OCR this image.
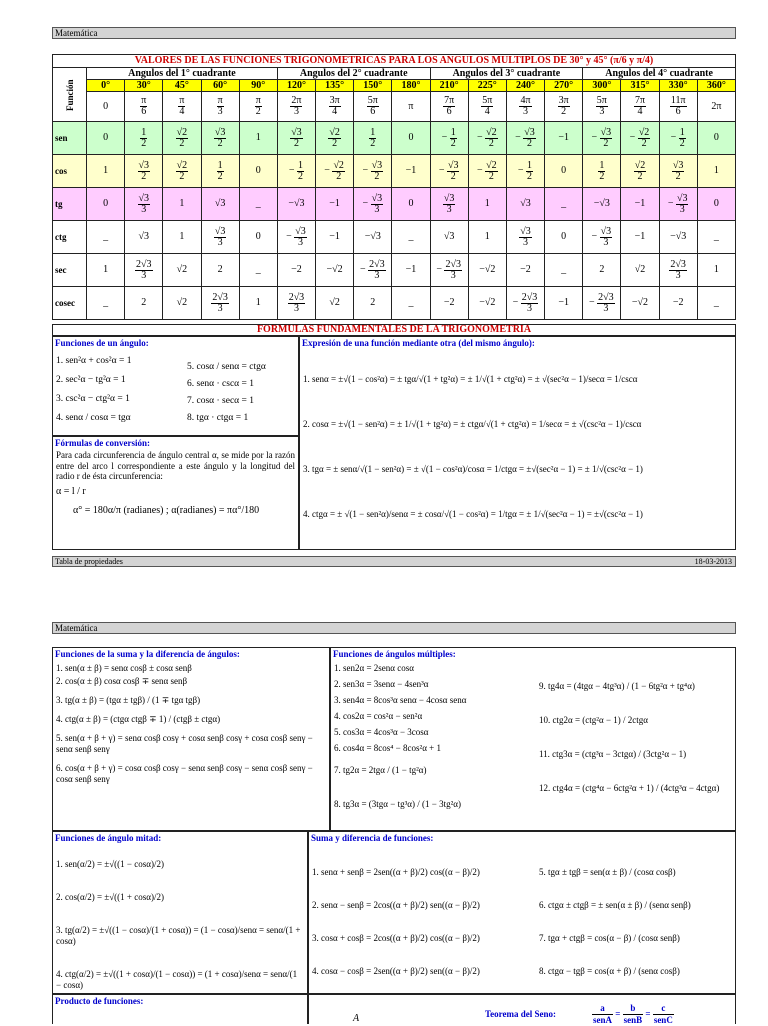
Matemática
VALORES DE LAS FUNCIONES TRIGONOMETRICAS PARA LOS ANGULOS MULTIPLOS DE 30° y 45° (π/6 y π/4)																	
Función	Angulos del 1° cuadrante					Angulos del 2° cuadrante				Angulos del 3° cuadrante				Angulos del 4° cuadrante			
	0°	30°	45°	60°	90°	120°	135°	150°	180°	210°	225°	240°	270°	300°	315°	330°	360°
	0	$\frac{\pi}{6}$	$\frac{\pi}{4}$	$\frac{\pi}{3}$	$\frac{\pi}{2}$	$\frac{2\pi}{3}$	$\frac{3\pi}{4}$	$\frac{5\pi}{6}$	π	$\frac{7\pi}{6}$	$\frac{5\pi}{4}$	$\frac{4\pi}{3}$	$\frac{3\pi}{2}$	$\frac{5\pi}{3}$	$\frac{7\pi}{4}$	$\frac{11\pi}{6}$	2π
sen	0	$\frac{1}{2}$	$\frac{√2}{2}$	$\frac{√3}{2}$	1	$\frac{√3}{2}$	$\frac{√2}{2}$	$\frac{1}{2}$	0	− $\frac{1}{2}$	− $\frac{√2}{2}$	− $\frac{√3}{2}$	−1	− $\frac{√3}{2}$	− $\frac{√2}{2}$	− $\frac{1}{2}$	0
cos	1	$\frac{√3}{2}$	$\frac{√2}{2}$	$\frac{1}{2}$	0	− $\frac{1}{2}$	− $\frac{√2}{2}$	− $\frac{√3}{2}$	−1	− $\frac{√3}{2}$	− $\frac{√2}{2}$	− $\frac{1}{2}$	0	$\frac{1}{2}$	$\frac{√2}{2}$	$\frac{√3}{2}$	1
tg	0	$\frac{√3}{3}$	1	√3	_	−√3	−1	− $\frac{√3}{3}$	0	$\frac{√3}{3}$	1	√3	_	−√3	−1	− $\frac{√3}{3}$	0
ctg	_	√3	1	$\frac{√3}{3}$	0	− $\frac{√3}{3}$	−1	−√3	_	√3	1	$\frac{√3}{3}$	0	− $\frac{√3}{3}$	−1	−√3	_
sec	1	$\frac{2√3}{3}$	√2	2	_	−2	−√2	− $\frac{2√3}{3}$	−1	− $\frac{2√3}{3}$	−√2	−2	_	2	√2	$\frac{2√3}{3}$	1
cosec	_	2	√2	$\frac{2√3}{3}$	1	$\frac{2√3}{3}$	√2	2	_	−2	−√2	− $\frac{2√3}{3}$	−1	− $\frac{2√3}{3}$	−√2	−2	_
FORMULAS FUNDAMENTALES DE LA TRIGONOMETRIA
Funciones de un ángulo:
1. sen²α + cos²α = 1
2. sec²α − tg²α = 1
3. csc²α − ctg²α = 1
4. senα / cosα = tgα
5. cosα / senα = ctgα
6. senα · cscα = 1
7. cosα · secα = 1
8. tgα · ctgα = 1
Fórmulas de conversión:
Para cada circunferencia de ángulo central α, se mide por la razón entre del arco l correspondiente a este ángulo y la longitud del radio r de ésta circunferencia:
α = l / r
α° = 180α/π (radianes) ; α(radianes) = πα°/180
Expresión de una función mediante otra (del mismo ángulo):
1. senα = ±√(1 − cos²α) = ± tgα/√(1 + tg²α) = ± 1/√(1 + ctg²α) = ± √(sec²α − 1)/secα = 1/cscα
2. cosα = ±√(1 − sen²α) = ± 1/√(1 + tg²α) = ± ctgα/√(1 + ctg²α) = 1/secα = ± √(csc²α − 1)/cscα
3. tgα = ± senα/√(1 − sen²α) = ± √(1 − cos²α)/cosα = 1/ctgα = ±√(sec²α − 1) = ± 1/√(csc²α − 1)
4. ctgα = ± √(1 − sen²α)/senα = ± cosα/√(1 − cos²α) = 1/tgα = ± 1/√(sec²α − 1) = ±√(csc²α − 1)
Tabla de propiedades	18-03-2013
Matemática
Funciones de la suma y la diferencia de ángulos:
1. sen(α ± β) = senα cosβ ± cosα senβ
2. cos(α ± β) cosα cosβ ∓ senα senβ
3. tg(α ± β) = (tgα ± tgβ) / (1 ∓ tgα tgβ)
4. ctg(α ± β) = (ctgα ctgβ ∓ 1) / (ctgβ ± ctgα)
5. sen(α + β + γ) = senα cosβ cosγ + cosα senβ cosγ + cosα cosβ senγ − senα senβ senγ
6. cos(α + β + γ) = cosα cosβ cosγ − senα senβ cosγ − senα cosβ senγ − cosα senβ senγ
Funciones de ángulos múltiples:
1. sen2α = 2senα cosα
2. sen3α = 3senα − 4sen³α
3. sen4α = 8cos³α senα − 4cosα senα
4. cos2α = cos²α − sen²α
5. cos3α = 4cos³α − 3cosα
6. cos4α = 8cos⁴ − 8cos²α + 1
7. tg2α = 2tgα / (1 − tg²α)
8. tg3α = (3tgα − tg³α) / (1 − 3tg²α)
9. tg4α = (4tgα − 4tg³α) / (1 − 6tg²α + tg⁴α)
10. ctg2α = (ctg²α − 1) / 2ctgα
11. ctg3α = (ctg³α − 3ctgα) / (3ctg²α − 1)
12. ctg4α = (ctg⁴α − 6ctg²α + 1) / (4ctg³α − 4ctgα)
Funciones de ángulo mitad:
1. sen(α/2) = ±√((1 − cosα)/2)
2. cos(α/2) = ±√((1 + cosα)/2)
3. tg(α/2) = ±√((1 − cosα)/(1 + cosα)) = (1 − cosα)/senα = senα/(1 + cosα)
4. ctg(α/2) = ±√((1 + cosα)/(1 − cosα)) = (1 + cosα)/senα = senα/(1 − cosα)
Suma y diferencia de funciones:
1. senα + senβ = 2sen((α + β)/2) cos((α − β)/2)
2. senα − senβ = 2cos((α + β)/2) sen((α − β)/2)
3. cosα + cosβ = 2cos((α + β)/2) cos((α − β)/2)
4. cosα − cosβ = 2sen((α + β)/2) sen((α − β)/2)
5. tgα ± tgβ = sen(α ± β) / (cosα cosβ)
6. ctgα ± ctgβ = ± sen(α ± β) / (senα senβ)
7. tgα + ctgβ = cos(α − β) / (cosα senβ)
8. ctgα − tgβ = cos(α + β) / (senα cosβ)
Producto de funciones:
A	Teorema del Seno:	$\frac{a}{\text{senA}} = \frac{b}{\text{senB}} = \frac{c}{\text{senC}}$
